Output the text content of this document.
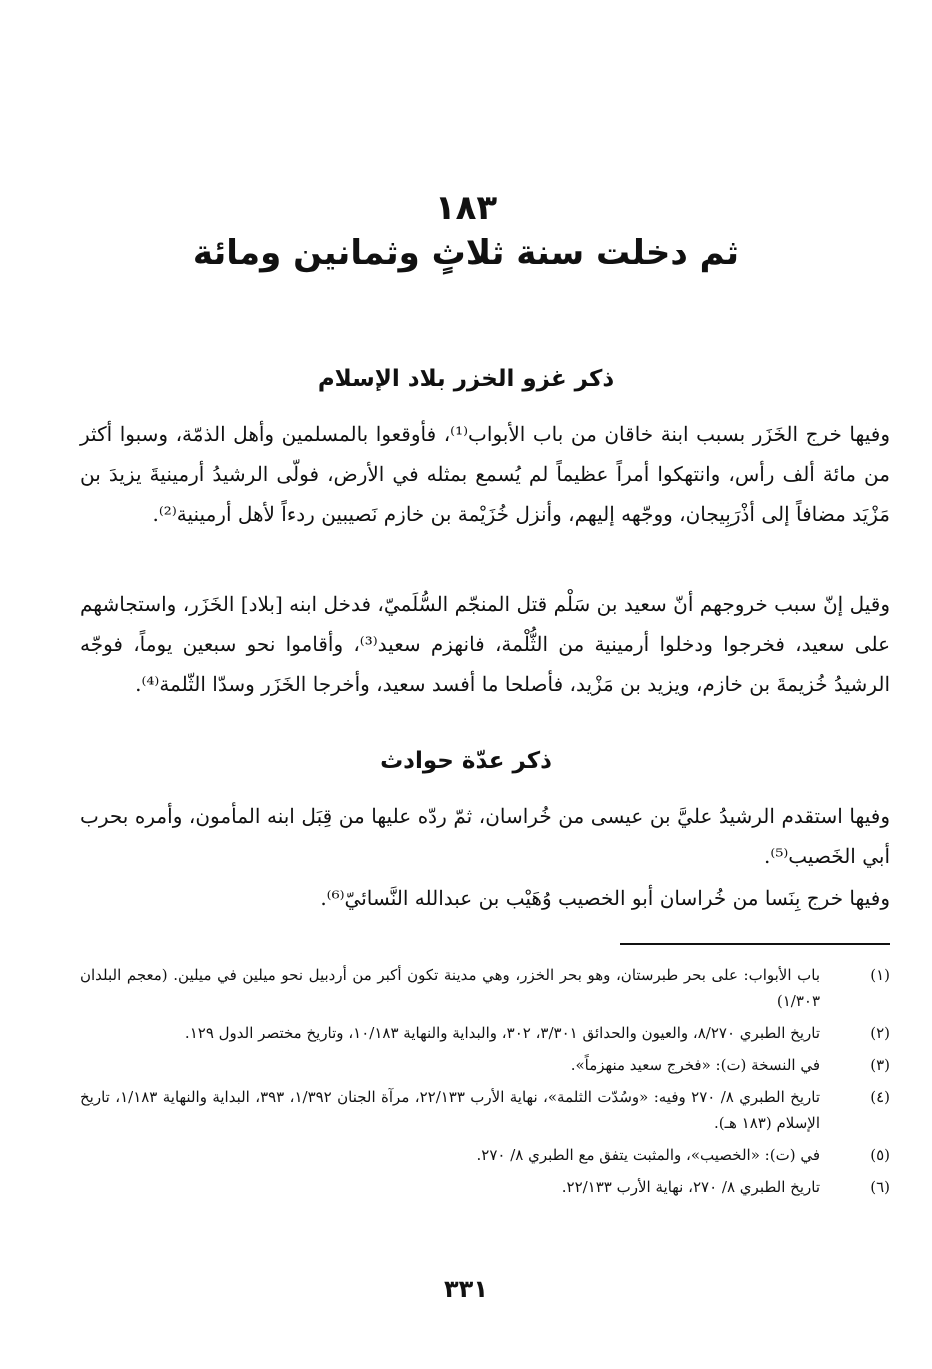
١٨٣
ثم دخلت سنة ثلاثٍ وثمانين ومائة
ذكر غزو الخزر بلاد الإسلام

وفيها خرج الخَزَر بسبب ابنة خاقان من باب الأبواب⁽¹⁾، فأوقعوا بالمسلمين وأهل الذمّة، وسبوا أكثر من مائة ألف رأس، وانتهكوا أمراً عظيماً لم يُسمع بمثله في الأرض، فولّى الرشيدُ أرمينيةَ يزيدَ بن مَزْيَد مضافاً إلى أذْرَبِيجان، ووجّهه إليهم، وأنزل خُزَيْمة بن خازم نَصيبين ردءاً لأهل أرمينية⁽²⁾.

وقيل إنّ سبب خروجهم أنّ سعيد بن سَلْم قتل المنجّم السُّلَميّ، فدخل ابنه [بلاد] الخَزَر، واستجاشهم على سعيد، فخرجوا ودخلوا أرمينية من الثُّلْمة، فانهزم سعيد⁽³⁾، وأقاموا نحو سبعين يوماً، فوجّه الرشيدُ خُزيمةَ بن خازم، ويزيد بن مَزْيد، فأصلحا ما أفسد سعيد، وأخرجا الخَزَر وسدّا الثّلمة⁽⁴⁾.

ذكر عدّة حوادث

وفيها استقدم الرشيدُ عليَّ بن عيسى من خُراسان، ثمّ ردّه عليها من قِبَل ابنه المأمون، وأمره بحرب أبي الخَصيب⁽⁵⁾.

وفيها خرج بِنَسا من خُراسان أبو الخصيب وُهَيْب بن عبدالله النَّسائيّ⁽⁶⁾.

(١)
باب الأبواب: على بحر طبرستان، وهو بحر الخزر، وهي مدينة تكون أكبر من أردبيل نحو ميلين في ميلين. (معجم البلدان ١/٣٠٣)
(٢)
تاريخ الطبري ٨/٢٧٠، والعيون والحدائق ٣/٣٠١، ٣٠٢، والبداية والنهاية ١٠/١٨٣، وتاريخ مختصر الدول ١٢٩.
(٣)
في النسخة (ت): «فخرج سعيد منهزماً».
(٤)
تاريخ الطبري ٨/ ٢٧٠ وفيه: «وسُدّت الثلمة»، نهاية الأرب ٢٢/١٣٣، مرآة الجنان ١/٣٩٢، ٣٩٣، البداية والنهاية ١/١٨٣، تاريخ الإسلام (١٨٣ هـ).
(٥)
في (ت): «الخصيب»، والمثبت يتفق مع الطبري ٨/ ٢٧٠.
(٦)
تاريخ الطبري ٨/ ٢٧٠، نهاية الأرب ٢٢/١٣٣.
٣٣١
